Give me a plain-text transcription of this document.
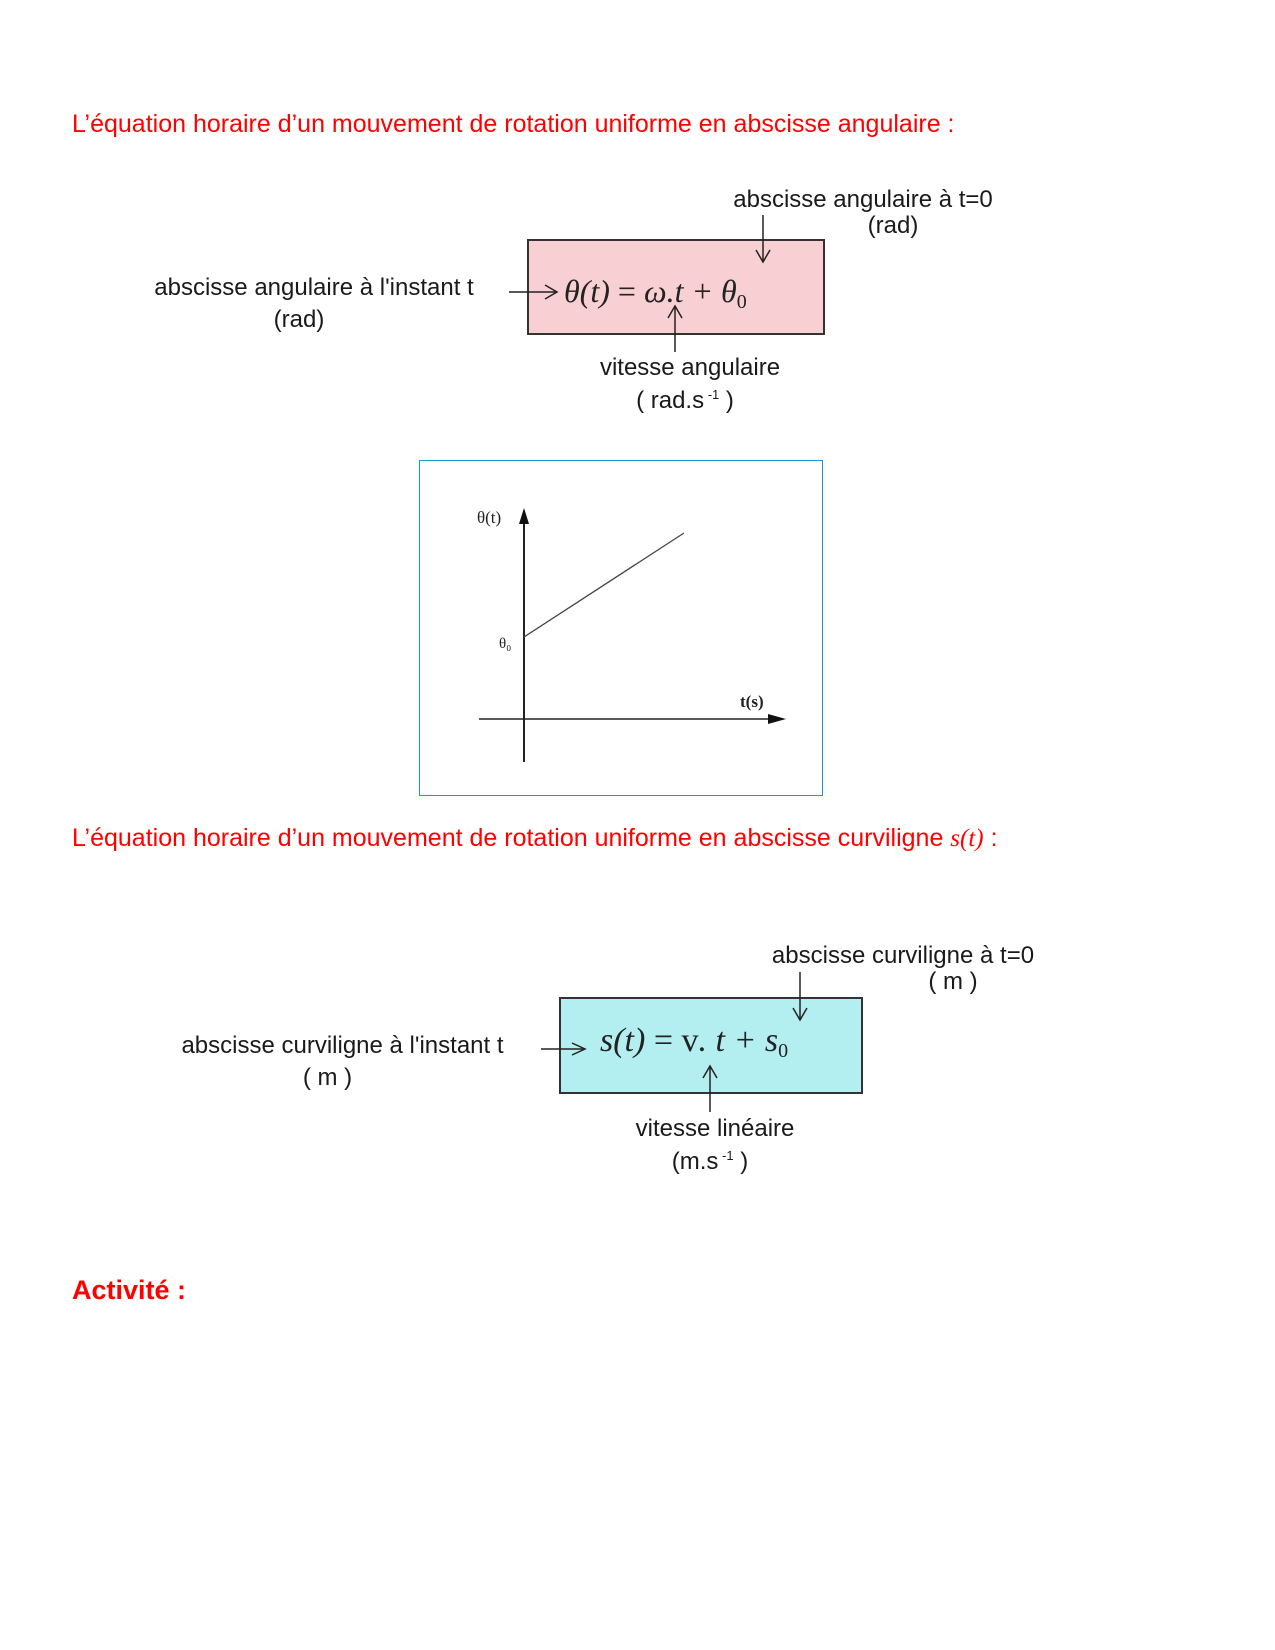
L’équation horaire d’un mouvement de rotation uniforme en abscisse angulaire :
$\theta(t) = \omega.t + \theta_0$
abscisse angulaire à l'instant t
(rad)
abscisse angulaire à t=0
(rad)
vitesse angulaire
( rad.s $^{-1}$ )
θ(t)
θ₀
t(s)
L’équation horaire d’un mouvement de rotation uniforme en abscisse curviligne s(t) :
s(t) = v. $t + s_0$
abscisse curviligne à l'instant t
( m )
abscisse curviligne à t=0
( m )
vitesse linéaire
(m.s $^{-1}$ )
Activité :
